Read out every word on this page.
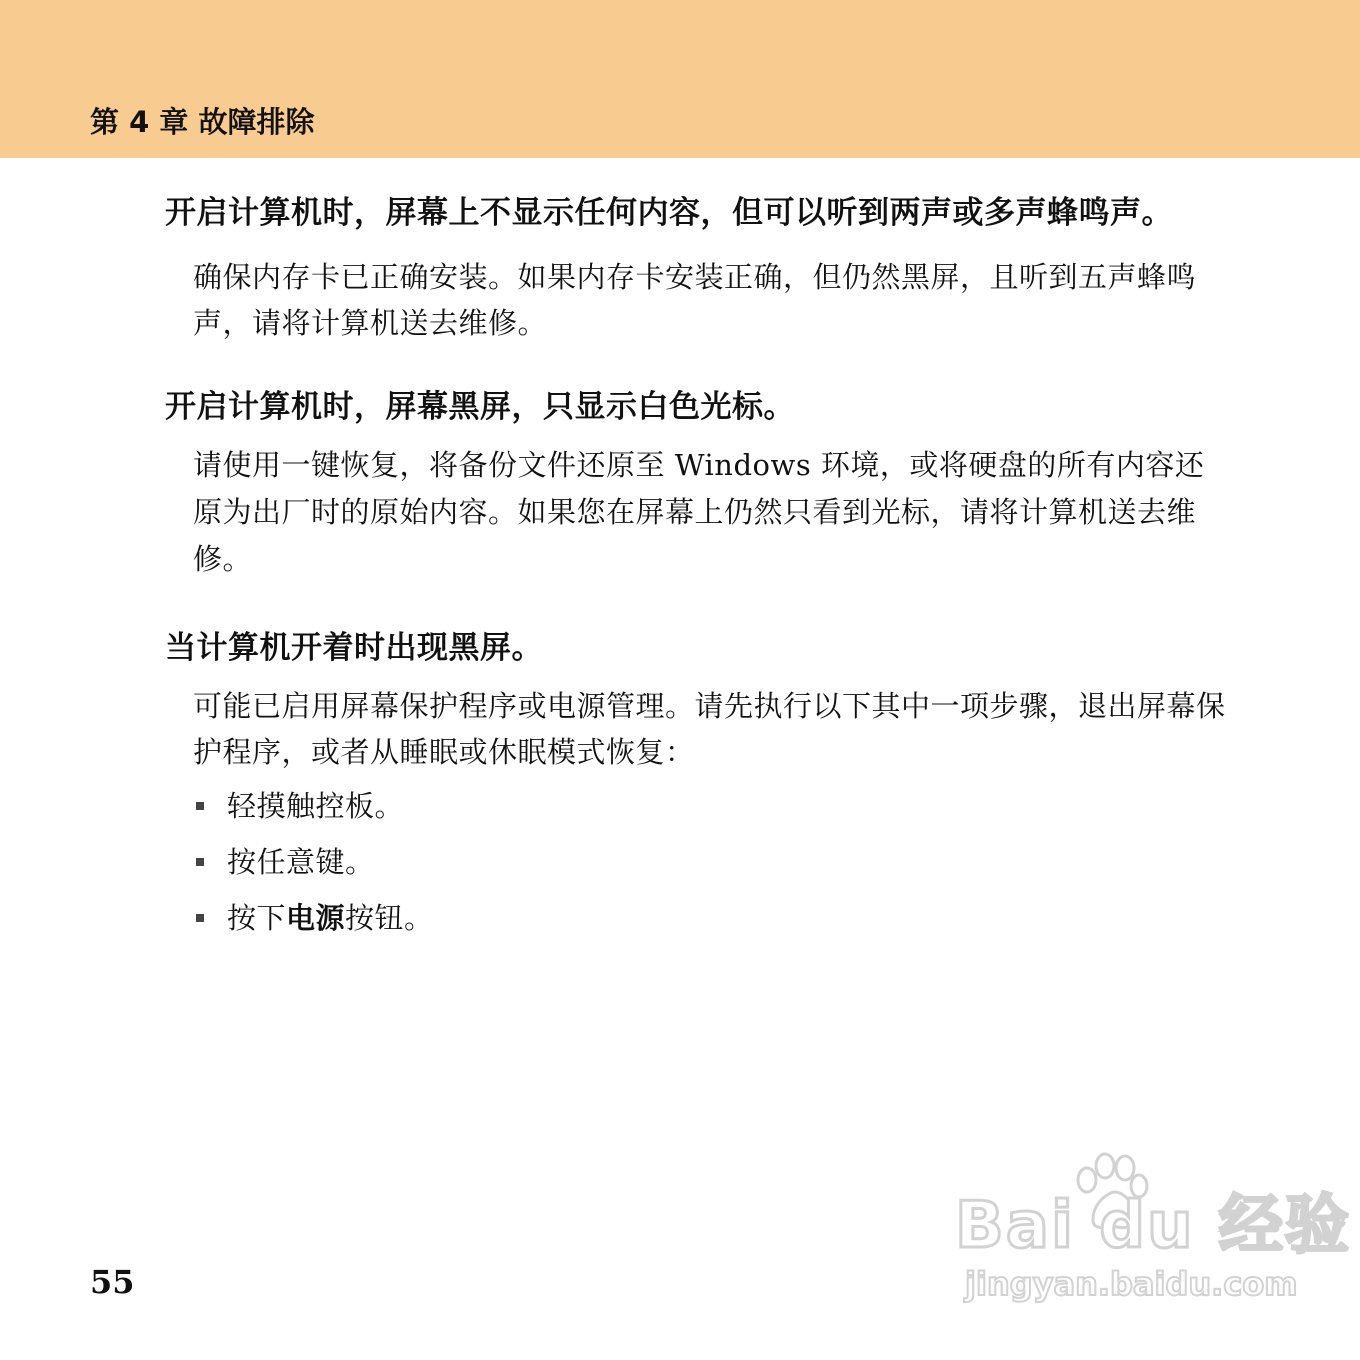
第 4 章 故障排除
开启计算机时，屏幕上不显示任何内容，但可以听到两声或多声蜂鸣声。

确保内存卡已正确安装。如果内存卡安装正确，但仍然黑屏，且听到五声蜂鸣声，请将计算机送去维修。

开启计算机时，屏幕黑屏，只显示白色光标。

请使用一键恢复，将备份文件还原至 Windows 环境，或将硬盘的所有内容还原为出厂时的原始内容。如果您在屏幕上仍然只看到光标，请将计算机送去维修。

当计算机开着时出现黑屏。

可能已启用屏幕保护程序或电源管理。请先执行以下其中一项步骤，退出屏幕保护程序，或者从睡眠或休眠模式恢复：

轻摸触控板。
按任意键。
按下电源按钮。
55
Bai du 经验
jingyan.baidu.com
